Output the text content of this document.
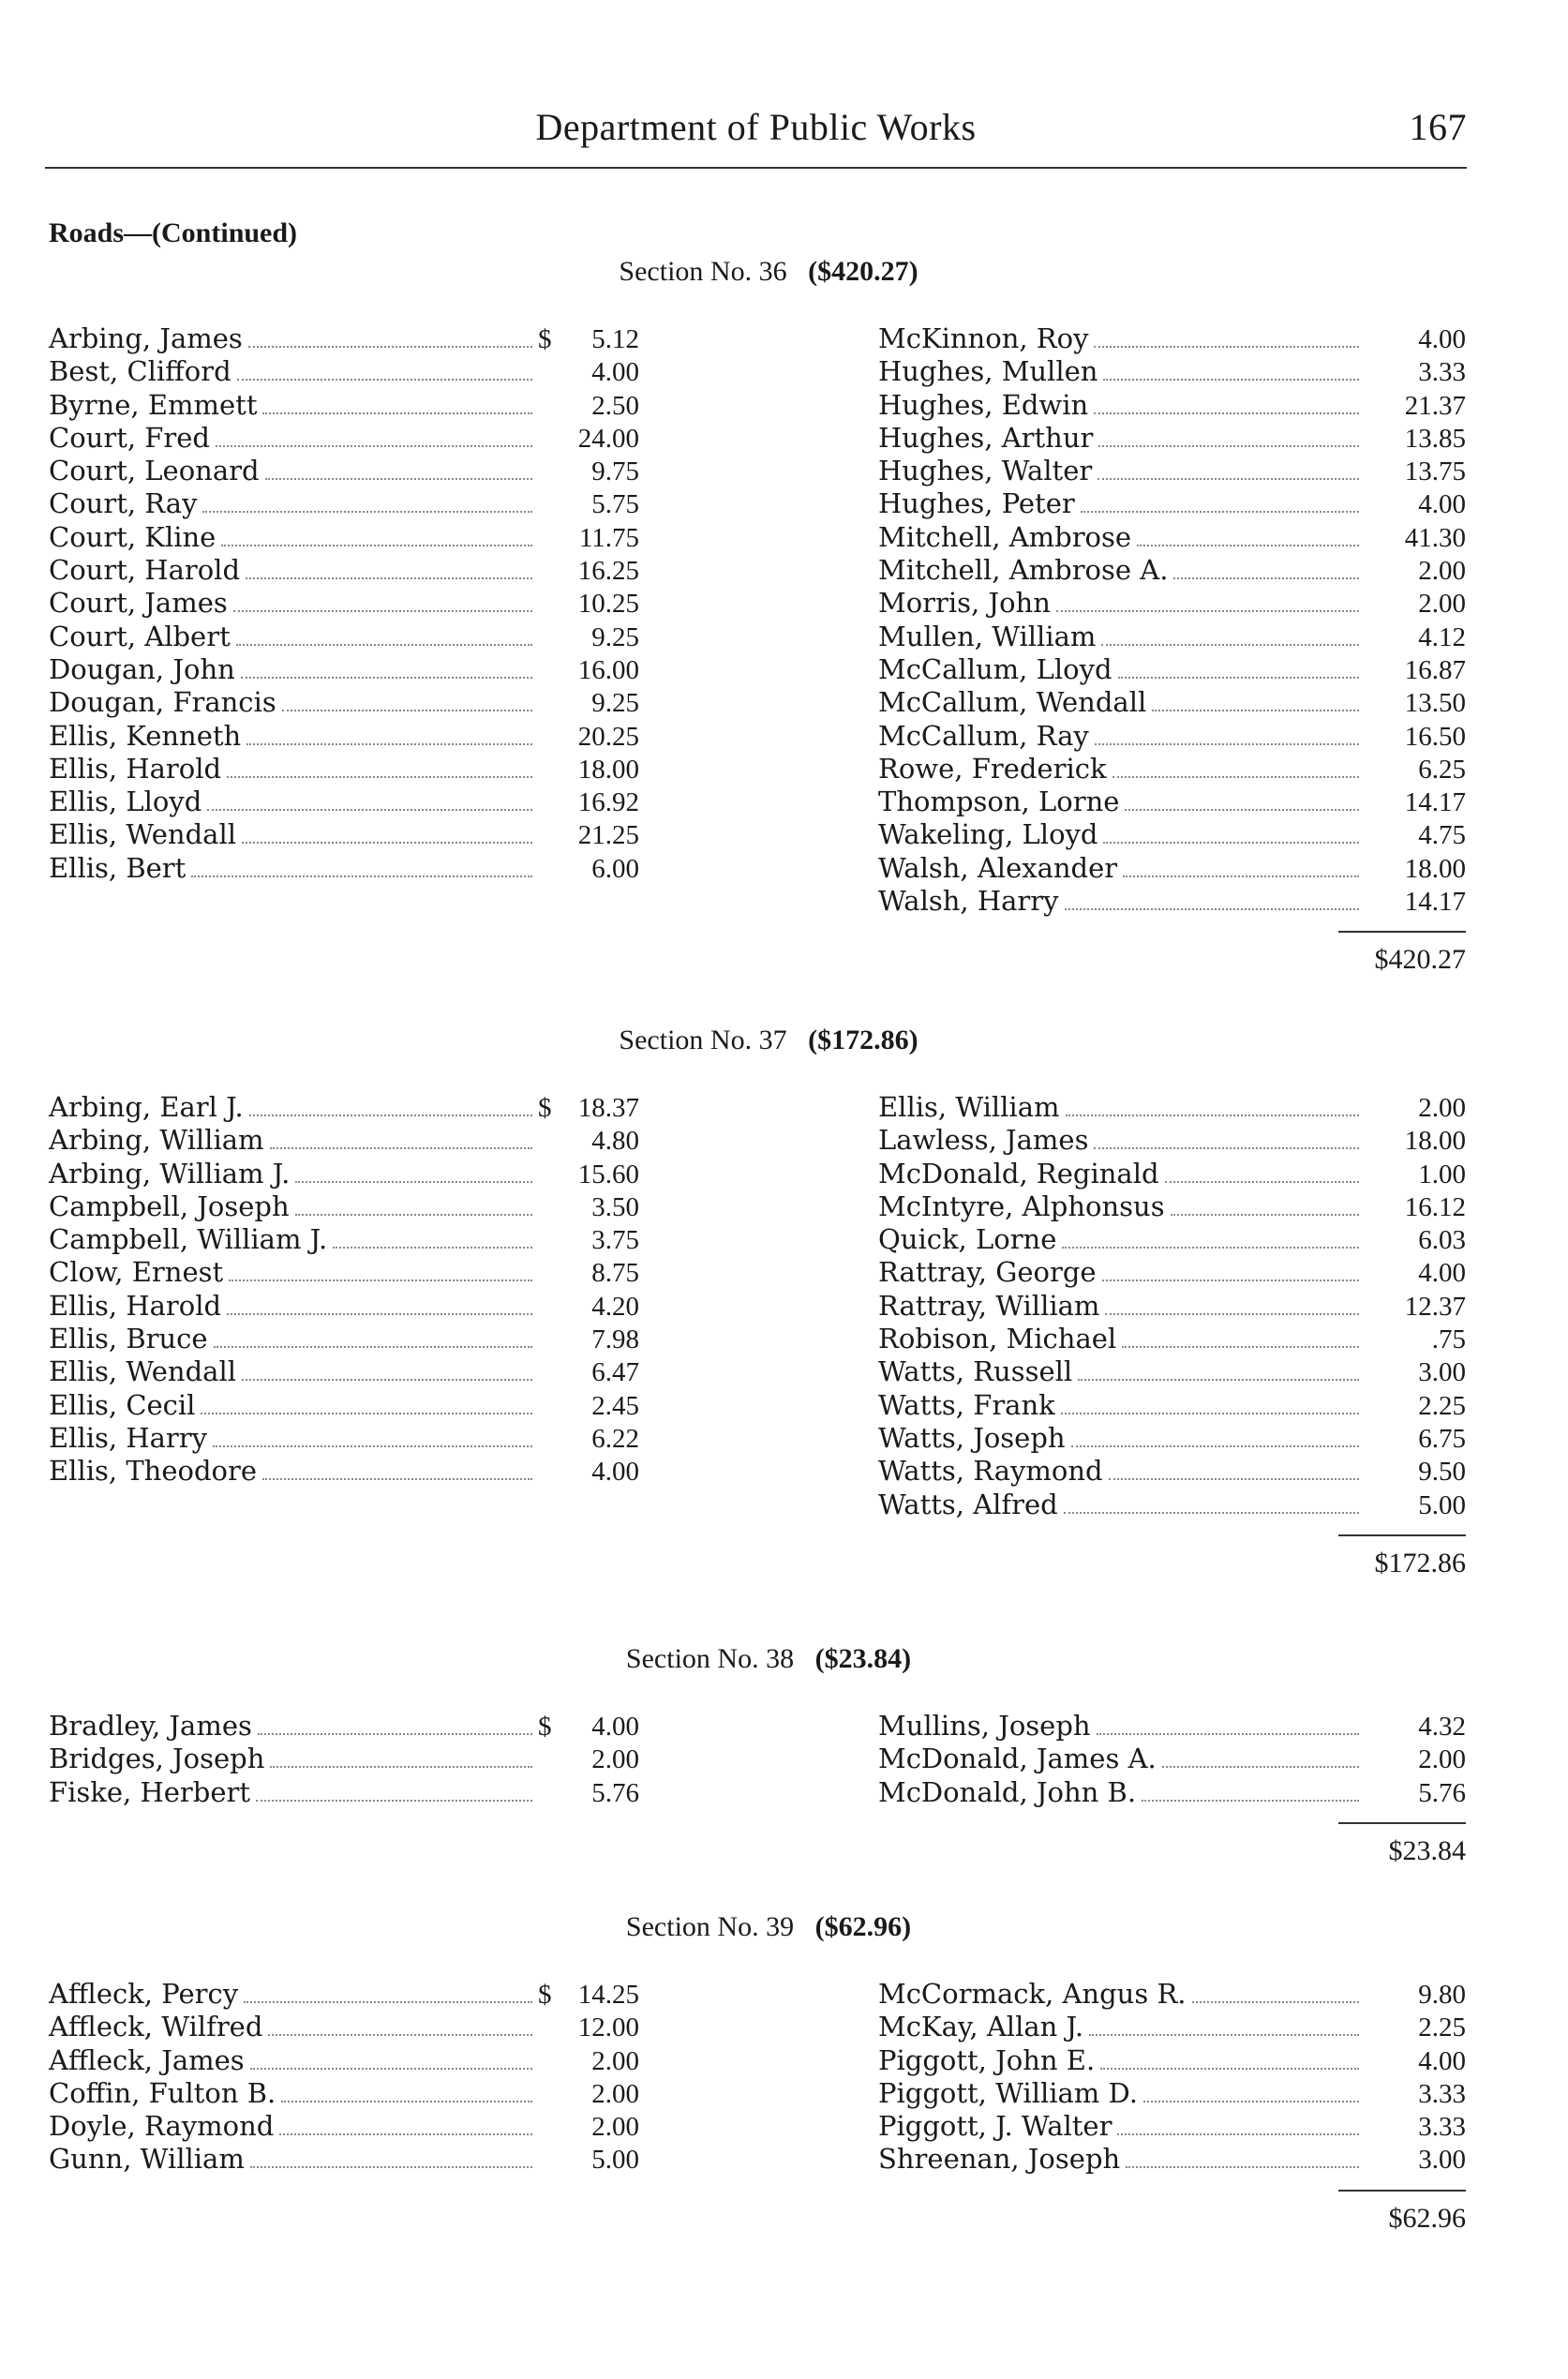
Department of Public Works	167
Roads—(Continued)
Section No. 36 ($420.27)
Arbing, James	$	5.12
Best, Clifford	4.00
Byrne, Emmett	2.50
Court, Fred	24.00
Court, Leonard	9.75
Court, Ray	5.75
Court, Kline	11.75
Court, Harold	16.25
Court, James	10.25
Court, Albert	9.25
Dougan, John	16.00
Dougan, Francis	9.25
Ellis, Kenneth	20.25
Ellis, Harold	18.00
Ellis, Lloyd	16.92
Ellis, Wendall	21.25
Ellis, Bert	6.00
McKinnon, Roy	4.00
Hughes, Mullen	3.33
Hughes, Edwin	21.37
Hughes, Arthur	13.85
Hughes, Walter	13.75
Hughes, Peter	4.00
Mitchell, Ambrose	41.30
Mitchell, Ambrose A.	2.00
Morris, John	2.00
Mullen, William	4.12
McCallum, Lloyd	16.87
McCallum, Wendall	13.50
McCallum, Ray	16.50
Rowe, Frederick	6.25
Thompson, Lorne	14.17
Wakeling, Lloyd	4.75
Walsh, Alexander	18.00
Walsh, Harry	14.17
$420.27
Section No. 37 ($172.86)
Arbing, Earl J.	$ 18.37
Arbing, William	4.80
Arbing, William J.	15.60
Campbell, Joseph	3.50
Campbell, William J.	3.75
Clow, Ernest	8.75
Ellis, Harold	4.20
Ellis, Bruce	7.98
Ellis, Wendall	6.47
Ellis, Cecil	2.45
Ellis, Harry	6.22
Ellis, Theodore	4.00
Ellis, William	2.00
Lawless, James	18.00
McDonald, Reginald	1.00
McIntyre, Alphonsus	16.12
Quick, Lorne	6.03
Rattray, George	4.00
Rattray, William	12.37
Robison, Michael	.75
Watts, Russell	3.00
Watts, Frank	2.25
Watts, Joseph	6.75
Watts, Raymond	9.50
Watts, Alfred	5.00
$172.86
Section No. 38 ($23.84)
Bradley, James	$	4.00
Bridges, Joseph	2.00
Fiske, Herbert	5.76
Mullins, Joseph	4.32
McDonald, James A.	2.00
McDonald, John B.	5.76
$23.84
Section No. 39 ($62.96)
Affleck, Percy	$ 14.25
Affleck, Wilfred	12.00
Affleck, James	2.00
Coffin, Fulton B.	2.00
Doyle, Raymond	2.00
Gunn, William	5.00
McCormack, Angus R.	9.80
McKay, Allan J.	2.25
Piggott, John E.	4.00
Piggott, William D.	3.33
Piggott, J. Walter	3.33
Shreenan, Joseph	3.00
$62.96
